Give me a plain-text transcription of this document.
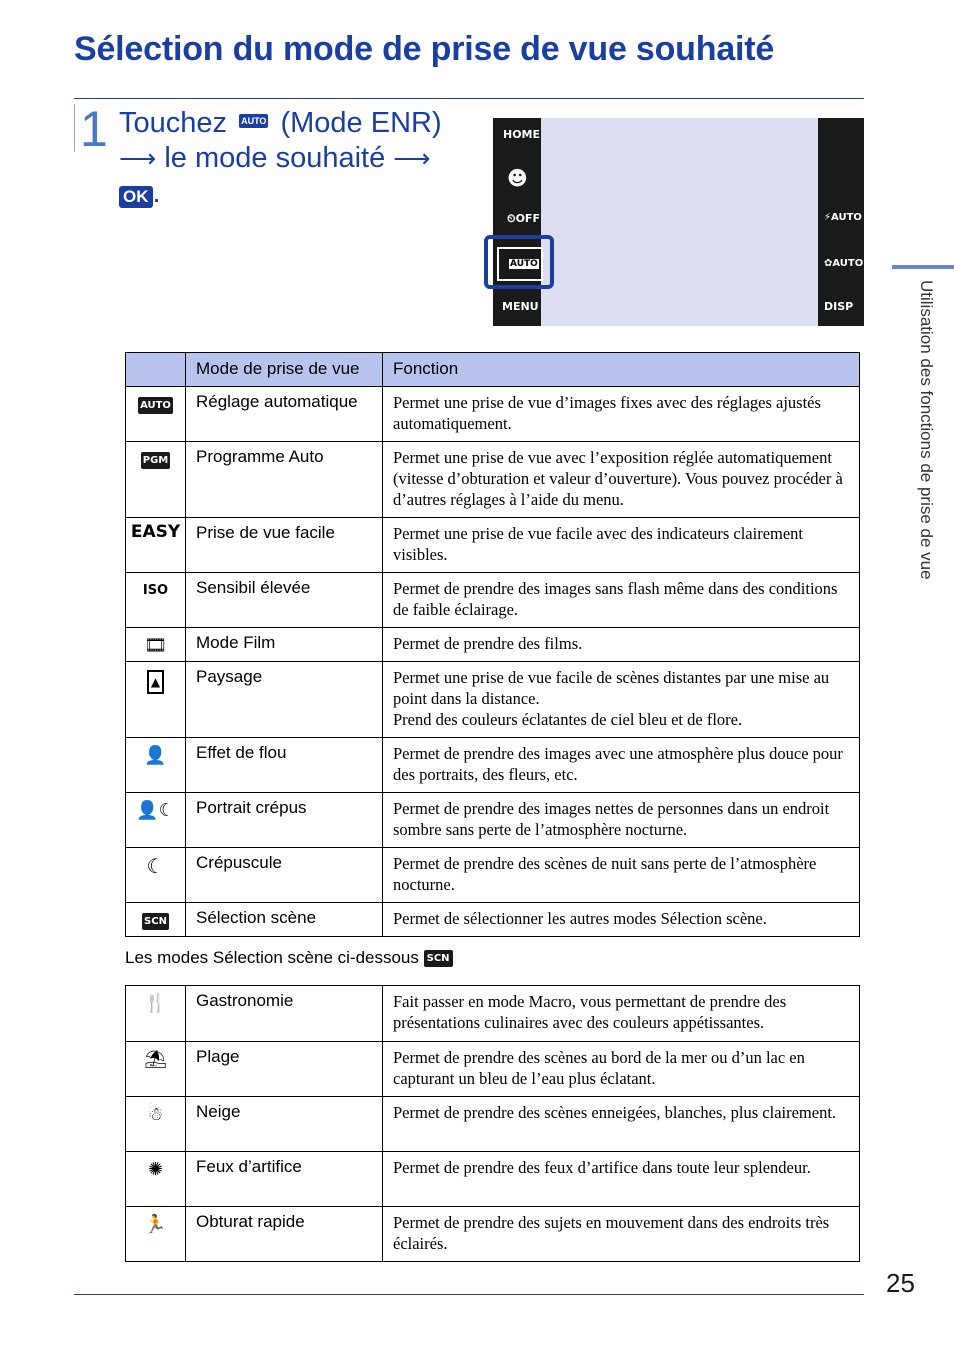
Sélection du mode de prise de vue souhaité
1 Touchez AUTO (Mode ENR)
⟶ le mode souhaité ⟶
OK .
HOME
☻
⏲OFF
MENU
⚡AUTO
✿AUTO
DISP
AUTO
Utilisation des fonctions de prise de vue
	Mode de prise de vue	Fonction
AUTO	Réglage automatique	Permet une prise de vue d’images fixes avec des réglages ajustés automatiquement.
PGM	Programme Auto	Permet une prise de vue avec l’exposition réglée automatiquement (vitesse d’obturation et valeur d’ouverture). Vous pouvez procéder à d’autres réglages à l’aide du menu.
EASY	Prise de vue facile	Permet une prise de vue facile avec des indicateurs clairement visibles.
ISO	Sensibil élevée	Permet de prendre des images sans flash même dans des conditions de faible éclairage.
🎞	Mode Film	Permet de prendre des films.
▲	Paysage	Permet une prise de vue facile de scènes distantes par une mise au point dans la distance.
Prend des couleurs éclatantes de ciel bleu et de flore.
👤	Effet de flou	Permet de prendre des images avec une atmosphère plus douce pour des portraits, des fleurs, etc.
👤☾	Portrait crépus	Permet de prendre des images nettes de personnes dans un endroit sombre sans perte de l’atmosphère nocturne.
☾	Crépuscule	Permet de prendre des scènes de nuit sans perte de l’atmosphère nocturne.
SCN	Sélection scène	Permet de sélectionner les autres modes Sélection scène.
Les modes Sélection scène ci-dessous SCN
🍴	Gastronomie	Fait passer en mode Macro, vous permettant de prendre des présentations culinaires avec des couleurs appétissantes.
⛱	Plage	Permet de prendre des scènes au bord de la mer ou d’un lac en capturant un bleu de l’eau plus éclatant.
☃	Neige	Permet de prendre des scènes enneigées, blanches, plus clairement.
✺	Feux d’artifice	Permet de prendre des feux d’artifice dans toute leur splendeur.
🏃	Obturat rapide	Permet de prendre des sujets en mouvement dans des endroits très éclairés.
25
